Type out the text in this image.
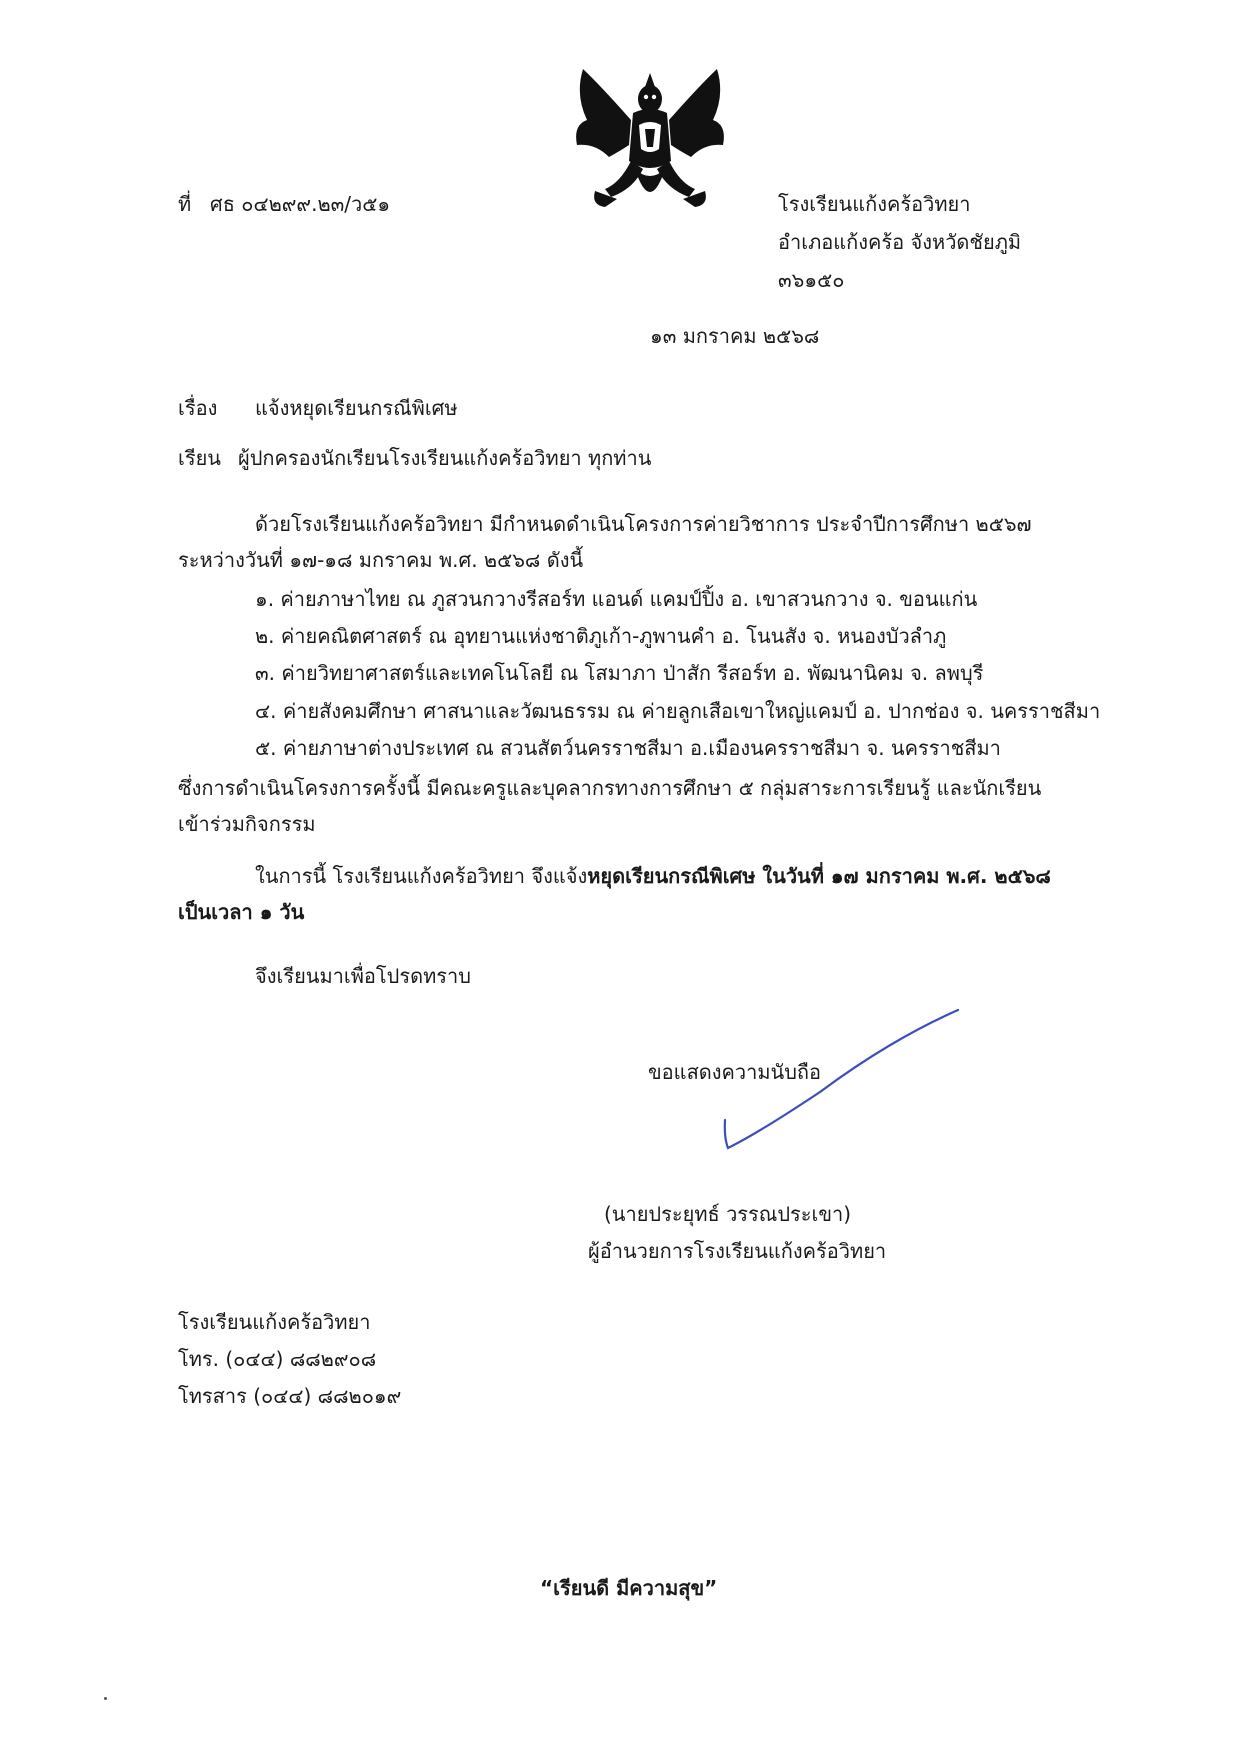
ที่ ศธ ๐๔๒๙๙.๒๓/ว๕๑	โรงเรียนแก้งคร้อวิทยา

อำเภอแก้งคร้อ จังหวัดชัยภูมิ

๓๖๑๕๐

๑๓ มกราคม ๒๕๖๘

เรื่อง แจ้งหยุดเรียนกรณีพิเศษ

เรียน ผู้ปกครองนักเรียนโรงเรียนแก้งคร้อวิทยา ทุกท่าน

ด้วยโรงเรียนแก้งคร้อวิทยา มีกำหนดดำเนินโครงการค่ายวิชาการ ประจำปีการศึกษา ๒๕๖๗

ระหว่างวันที่ ๑๗-๑๘ มกราคม พ.ศ. ๒๕๖๘ ดังนี้

๑. ค่ายภาษาไทย ณ ภูสวนกวางรีสอร์ท แอนด์ แคมป์ปิ้ง อ. เขาสวนกวาง จ. ขอนแก่น

๒. ค่ายคณิตศาสตร์ ณ อุทยานแห่งชาติภูเก้า-ภูพานคำ อ. โนนสัง จ. หนองบัวลำภู

๓. ค่ายวิทยาศาสตร์และเทคโนโลยี ณ โสมาภา ป่าสัก รีสอร์ท อ. พัฒนานิคม จ. ลพบุรี

๔. ค่ายสังคมศึกษา ศาสนาและวัฒนธรรม ณ ค่ายลูกเสือเขาใหญ่แคมป์ อ. ปากช่อง จ. นครราชสีมา

๕. ค่ายภาษาต่างประเทศ ณ สวนสัตว์นครราชสีมา อ.เมืองนครราชสีมา จ. นครราชสีมา

ซึ่งการดำเนินโครงการครั้งนี้ มีคณะครูและบุคลากรทางการศึกษา ๕ กลุ่มสาระการเรียนรู้ และนักเรียน

เข้าร่วมกิจกรรม

ในการนี้ โรงเรียนแก้งคร้อวิทยา จึงแจ้งหยุดเรียนกรณีพิเศษ ในวันที่ ๑๗ มกราคม พ.ศ. ๒๕๖๘

เป็นเวลา ๑ วัน

จึงเรียนมาเพื่อโปรดทราบ

ขอแสดงความนับถือ

(นายประยุทธ์ วรรณประเขา)

ผู้อำนวยการโรงเรียนแก้งคร้อวิทยา

โรงเรียนแก้งคร้อวิทยา

โทร. (๐๔๔) ๘๘๒๙๐๘

โทรสาร (๐๔๔) ๘๘๒๐๑๙

“เรียนดี มีความสุข”
